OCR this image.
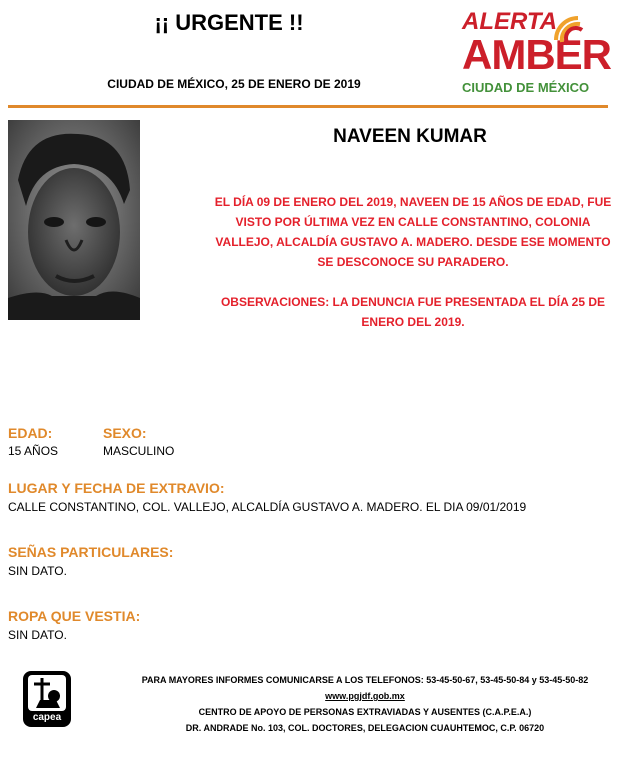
¡¡ URGENTE !!
CIUDAD DE MÉXICO, 25 DE ENERO DE 2019
ALERTA
AMBER
CIUDAD DE MÉXICO
NAVEEN KUMAR
EL DÍA 09 DE ENERO DEL 2019, NAVEEN DE 15 AÑOS DE EDAD, FUE VISTO POR ÚLTIMA VEZ EN CALLE CONSTANTINO, COLONIA VALLEJO, ALCALDÍA GUSTAVO A. MADERO. DESDE ESE MOMENTO SE DESCONOCE SU PARADERO.
OBSERVACIONES: LA DENUNCIA FUE PRESENTADA EL DÍA 25 DE ENERO DEL 2019.
EDAD:
15 AÑOS
SEXO:
MASCULINO
LUGAR Y FECHA DE EXTRAVIO:
CALLE CONSTANTINO, COL. VALLEJO, ALCALDÍA GUSTAVO A. MADERO. EL DIA 09/01/2019
SEÑAS PARTICULARES:
SIN DATO.
ROPA QUE VESTIA:
SIN DATO.
capea
PARA MAYORES INFORMES COMUNICARSE A LOS TELEFONOS: 53-45-50-67, 53-45-50-84 y 53-45-50-82
www.pgjdf.gob.mx
CENTRO DE APOYO DE PERSONAS EXTRAVIADAS Y AUSENTES (C.A.P.E.A.)
DR. ANDRADE No. 103, COL. DOCTORES, DELEGACION CUAUHTEMOC, C.P. 06720
